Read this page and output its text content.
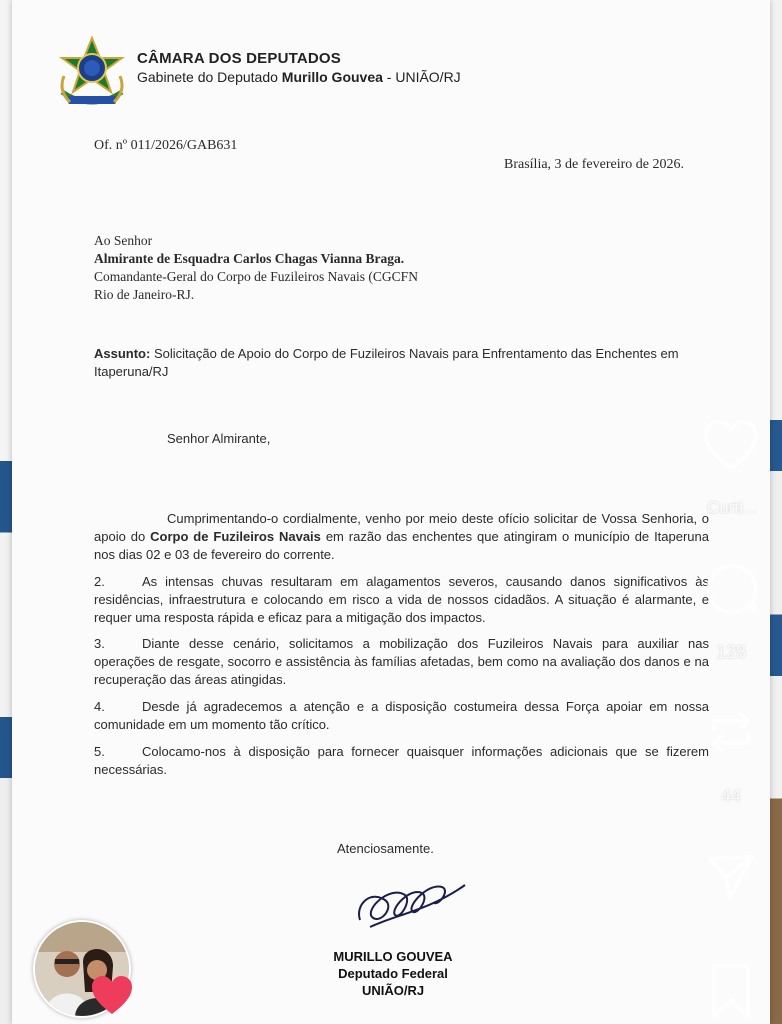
CÂMARA DOS DEPUTADOS
Gabinete do Deputado Murillo Gouvea - UNIÃO/RJ
Of. nº 011/2026/GAB631
Brasília, 3 de fevereiro de 2026.
Ao Senhor
Almirante de Esquadra Carlos Chagas Vianna Braga.
Comandante-Geral do Corpo de Fuzileiros Navais (CGCFN
Rio de Janeiro-RJ.
Assunto: Solicitação de Apoio do Corpo de Fuzileiros Navais para Enfrentamento das Enchentes em Itaperuna/RJ
Senhor Almirante,
Cumprimentando-o cordialmente, venho por meio deste ofício solicitar de Vossa Senhoria, o apoio do Corpo de Fuzileiros Navais em razão das enchentes que atingiram o município de Itaperuna nos dias 02 e 03 de fevereiro do corrente.
2.	As intensas chuvas resultaram em alagamentos severos, causando danos significativos às residências, infraestrutura e colocando em risco a vida de nossos cidadãos. A situação é alarmante, e requer uma resposta rápida e eficaz para a mitigação dos impactos.
3.	Diante desse cenário, solicitamos a mobilização dos Fuzileiros Navais para auxiliar nas operações de resgate, socorro e assistência às famílias afetadas, bem como na avaliação dos danos e na recuperação das áreas atingidas.
4.	Desde já agradecemos a atenção e a disposição costumeira dessa Força apoiar em nossa comunidade em um momento tão crítico.
5.	Colocamo-nos à disposição para fornecer quaisquer informações adicionais que se fizerem necessárias.
Atenciosamente.
MURILLO GOUVEA
Deputado Federal
UNIÃO/RJ
Curti...
128
44
